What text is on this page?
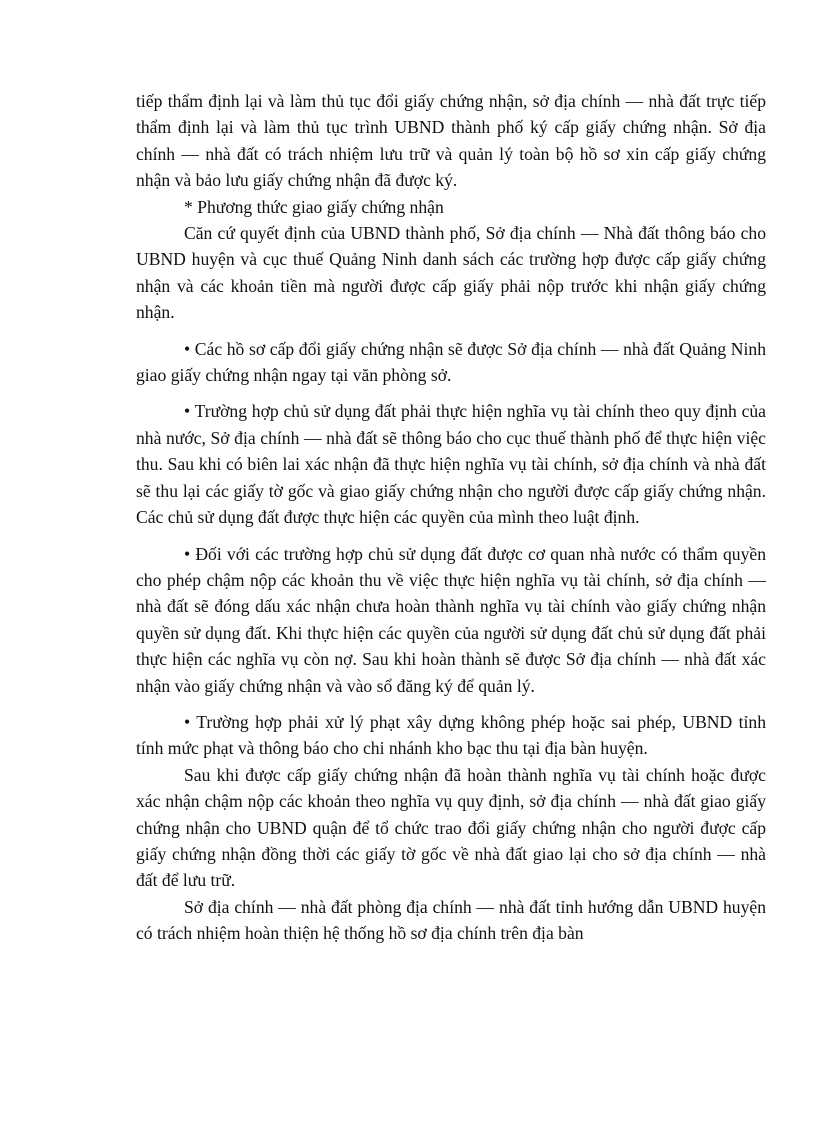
tiếp thẩm định lại và làm thủ tục đổi giấy chứng nhận, sở địa chính — nhà đất trực tiếp thẩm định lại và làm thủ tục trình UBND thành phố ký cấp giấy chứng nhận. Sở địa chính — nhà đất có trách nhiệm lưu trữ và quản lý toàn bộ hồ sơ xin cấp giấy chứng nhận và bảo lưu giấy chứng nhận đã được ký.

* Phương thức giao giấy chứng nhận

Căn cứ quyết định của UBND thành phố, Sở địa chính — Nhà đất thông báo cho UBND huyện và cục thuế Quảng Ninh danh sách các trường hợp được cấp giấy chứng nhận và các khoản tiền mà người được cấp giấy phải nộp trước khi nhận giấy chứng nhận.

• Các hồ sơ cấp đổi giấy chứng nhận sẽ được Sở địa chính — nhà đất Quảng Ninh giao giấy chứng nhận ngay tại văn phòng sở.

• Trường hợp chủ sử dụng đất phải thực hiện nghĩa vụ tài chính theo quy định của nhà nước, Sở địa chính — nhà đất sẽ thông báo cho cục thuế thành phố để thực hiện việc thu. Sau khi có biên lai xác nhận đã thực hiện nghĩa vụ tài chính, sở địa chính và nhà đất sẽ thu lại các giấy tờ gốc và giao giấy chứng nhận cho người được cấp giấy chứng nhận. Các chủ sử dụng đất được thực hiện các quyền của mình theo luật định.

• Đối với các trường hợp chủ sử dụng đất được cơ quan nhà nước có thẩm quyền cho phép chậm nộp các khoản thu về việc thực hiện nghĩa vụ tài chính, sở địa chính — nhà đất sẽ đóng dấu xác nhận chưa hoàn thành nghĩa vụ tài chính vào giấy chứng nhận quyền sử dụng đất. Khi thực hiện các quyền của người sử dụng đất chủ sử dụng đất phải thực hiện các nghĩa vụ còn nợ. Sau khi hoàn thành sẽ được Sở địa chính — nhà đất xác nhận vào giấy chứng nhận và vào sổ đăng ký để quản lý.

• Trường hợp phải xử lý phạt xây dựng không phép hoặc sai phép, UBND tỉnh tính mức phạt và thông báo cho chi nhánh kho bạc thu tại địa bàn huyện.

Sau khi được cấp giấy chứng nhận đã hoàn thành nghĩa vụ tài chính hoặc được xác nhận chậm nộp các khoản theo nghĩa vụ quy định, sở địa chính — nhà đất giao giấy chứng nhận cho UBND quận để tổ chức trao đổi giấy chứng nhận cho người được cấp giấy chứng nhận đồng thời các giấy tờ gốc về nhà đất giao lại cho sở địa chính — nhà đất để lưu trữ.

Sở địa chính — nhà đất phòng địa chính — nhà đất tỉnh hướng dẫn UBND huyện có trách nhiệm hoàn thiện hệ thống hồ sơ địa chính trên địa bàn
